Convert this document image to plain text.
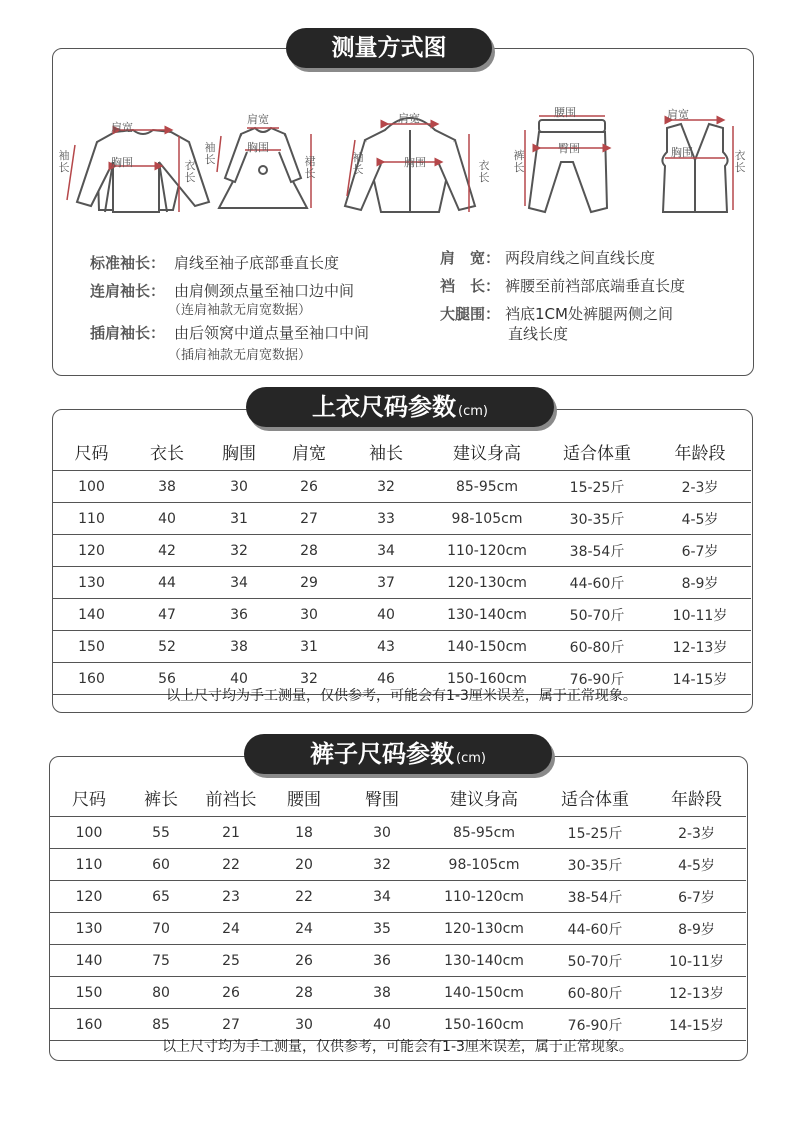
测量方式图
肩宽
胸围
袖长	衣长
肩宽
胸围
袖长	裙长
肩宽
胸围
袖长	衣长
腰围
臀围
裤长
肩宽
胸围	衣长
标准袖长： 肩线至袖子底部垂直长度
连肩袖长： 由肩侧颈点量至袖口边中间
（连肩袖款无肩宽数据）
插肩袖长： 由后领窝中道点量至袖口中间
（插肩袖款无肩宽数据）
肩　宽： 两段肩线之间直线长度
裆　长： 裤腰至前裆部底端垂直长度
大腿围： 裆底1CM处裤腿两侧之间
直线长度
上衣尺码参数 (cm)
尺码	衣长	胸围	肩宽	袖长	建议身高	适合体重	年龄段
100	38	30	26	32	85-95cm	15-25斤	2-3岁
110	40	31	27	33	98-105cm	30-35斤	4-5岁
120	42	32	28	34	110-120cm	38-54斤	6-7岁
130	44	34	29	37	120-130cm	44-60斤	8-9岁
140	47	36	30	40	130-140cm	50-70斤	10-11岁
150	52	38	31	43	140-150cm	60-80斤	12-13岁
160	56	40	32	46	150-160cm	76-90斤	14-15岁
以上尺寸均为手工测量，仅供参考，可能会有1-3厘米误差，属于正常现象。
裤子尺码参数 (cm)
尺码	裤长	前裆长	腰围	臀围	建议身高	适合体重	年龄段
100	55	21	18	30	85-95cm	15-25斤	2-3岁
110	60	22	20	32	98-105cm	30-35斤	4-5岁
120	65	23	22	34	110-120cm	38-54斤	6-7岁
130	70	24	24	35	120-130cm	44-60斤	8-9岁
140	75	25	26	36	130-140cm	50-70斤	10-11岁
150	80	26	28	38	140-150cm	60-80斤	12-13岁
160	85	27	30	40	150-160cm	76-90斤	14-15岁
以上尺寸均为手工测量，仅供参考，可能会有1-3厘米误差，属于正常现象。
